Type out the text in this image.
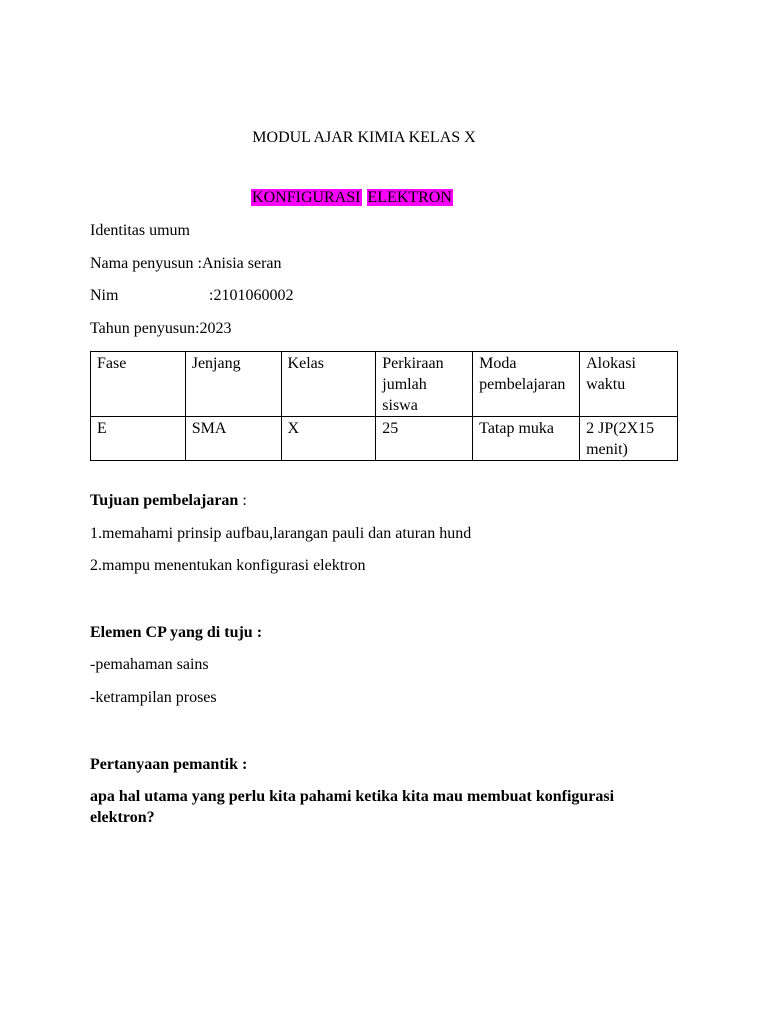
MODUL AJAR KIMIA KELAS X
KONFIGURASI ELEKTRON
Identitas umum
Nama penyusun :Anisia seran
Nim	:2101060002
Tahun penyusun:2023
Fase	Jenjang	Kelas	Perkiraan jumlah siswa	Moda pembelajaran	Alokasi waktu
E	SMA	X	25	Tatap muka	2 JP(2X15 menit)
Tujuan pembelajaran :
1.memahami prinsip aufbau,larangan pauli dan aturan hund
2.mampu menentukan konfigurasi elektron
Elemen CP yang di tuju :
-pemahaman sains
-ketrampilan proses
Pertanyaan pemantik :
apa hal utama yang perlu kita pahami ketika kita mau membuat konfigurasi
elektron?
